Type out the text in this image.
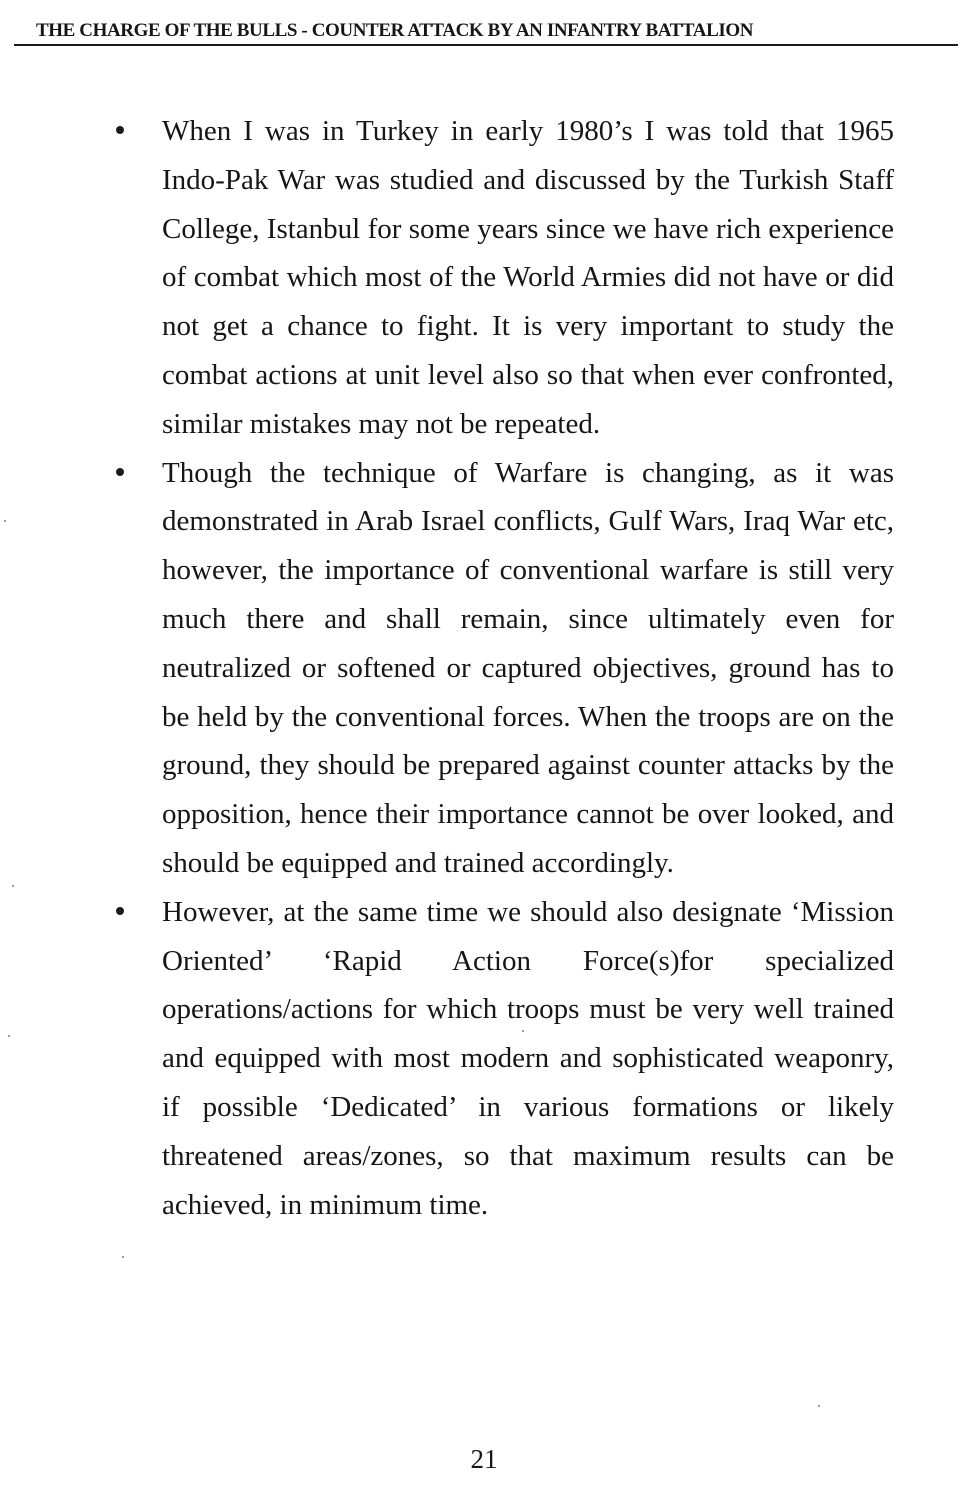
THE CHARGE OF THE BULLS - COUNTER ATTACK BY AN INFANTRY BATTALION

When I was in Turkey in early 1980’s I was told that 1965 Indo-Pak War was studied and discussed by the Turkish Staff College, Istanbul for some years since we have rich experience of combat which most of the World Armies did not have or did not get a chance to fight. It is very important to study the combat actions at unit level also so that when ever confronted, similar mistakes may not be repeated.

Though the technique of Warfare is changing, as it was demonstrated in Arab Israel conflicts, Gulf Wars, Iraq War etc, however, the importance of conventional warfare is still very much there and shall remain, since ultimately even for neutralized or softened or captured objectives, ground has to be held by the conventional forces. When the troops are on the ground, they should be prepared against counter attacks by the opposition, hence their importance cannot be over looked, and should be equipped and trained accordingly.

However, at the same time we should also designate ‘Mission Oriented’ ‘Rapid Action Force(s)for specialized operations/actions for which troops must be very well trained and equipped with most modern and sophisticated weaponry, if possible ‘Dedicated’ in various formations or likely threatened areas/zones, so that maximum results can be achieved, in minimum time.

21
